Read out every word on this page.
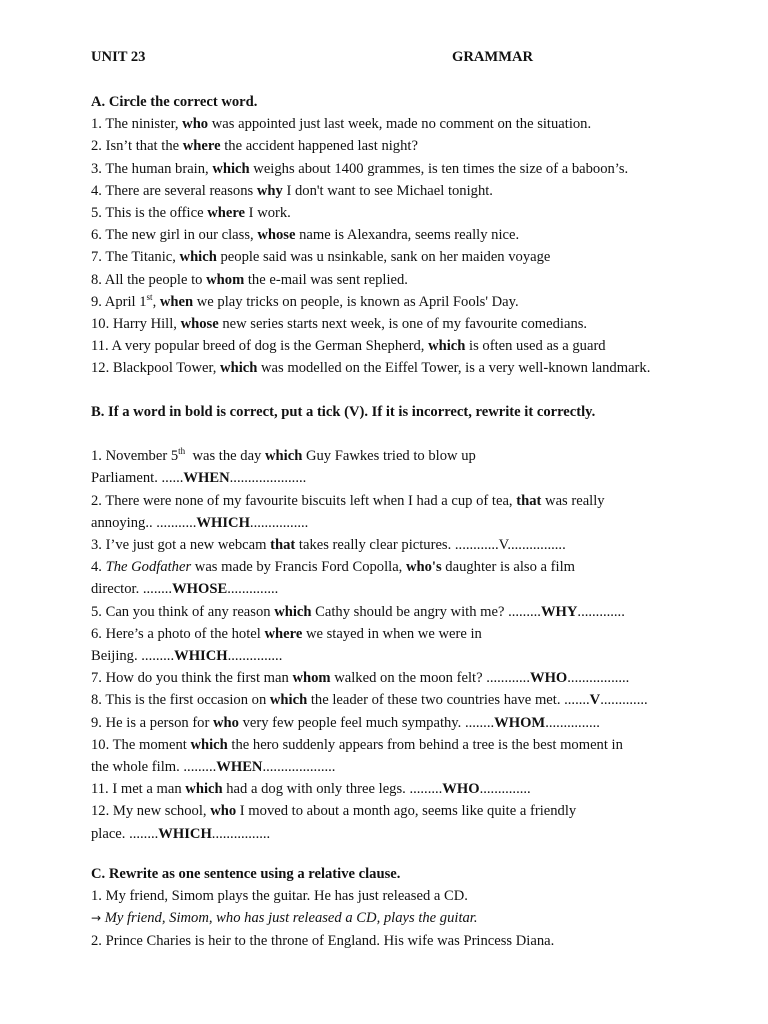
UNIT 23	GRAMMAR
A. Circle the correct word.
1. The ninister, who was appointed just last week, made no comment on the situation.
2. Isn’t that the where the accident happened last night?
3. The human brain, which weighs about 1400 grammes, is ten times the size of a baboon’s.
4. There are several reasons why I don't want to see Michael tonight.
5. This is the office where I work.
6. The new girl in our class, whose name is Alexandra, seems really nice.
7. The Titanic, which people said was u nsinkable, sank on her maiden voyage
8. All the people to whom the e-mail was sent replied.
9. April 1st, when we play tricks on people, is known as April Fools' Day.
10. Harry Hill, whose new series starts next week, is one of my favourite comedians.
11. A very popular breed of dog is the German Shepherd, which is often used as a guard
12. Blackpool Tower, which was modelled on the Eiffel Tower, is a very well-known landmark.
B. If a word in bold is correct, put a tick (V). If it is incorrect, rewrite it correctly.
1. November 5th  was the day which Guy Fawkes tried to blow up
Parliament. ......WHEN.....................
2. There were none of my favourite biscuits left when I had a cup of tea, that was really
annoying.. ...........WHICH................
3. I’ve just got a new webcam that takes really clear pictures. ............V................
4. The Godfather was made by Francis Ford Copolla, who's daughter is also a film
director. ........WHOSE..............
5. Can you think of any reason which Cathy should be angry with me? .........WHY.............
6. Here’s a photo of the hotel where we stayed in when we were in
Beijing. .........WHICH...............
7. How do you think the first man whom walked on the moon felt? ............WHO.................
8. This is the first occasion on which the leader of these two countries have met. .......V.............
9. He is a person for who very few people feel much sympathy. ........WHOM...............
10. The moment which the hero suddenly appears from behind a tree is the best moment in
the whole film. .........WHEN....................
11. I met a man which had a dog with only three legs. .........WHO..............
12. My new school, who I moved to about a month ago, seems like quite a friendly
place. ........WHICH................
C. Rewrite as one sentence using a relative clause.
1. My friend, Simom plays the guitar. He has just released a CD.
→ My friend, Simom, who has just released a CD, plays the guitar.
2. Prince Charies is heir to the throne of England. His wife was Princess Diana.
